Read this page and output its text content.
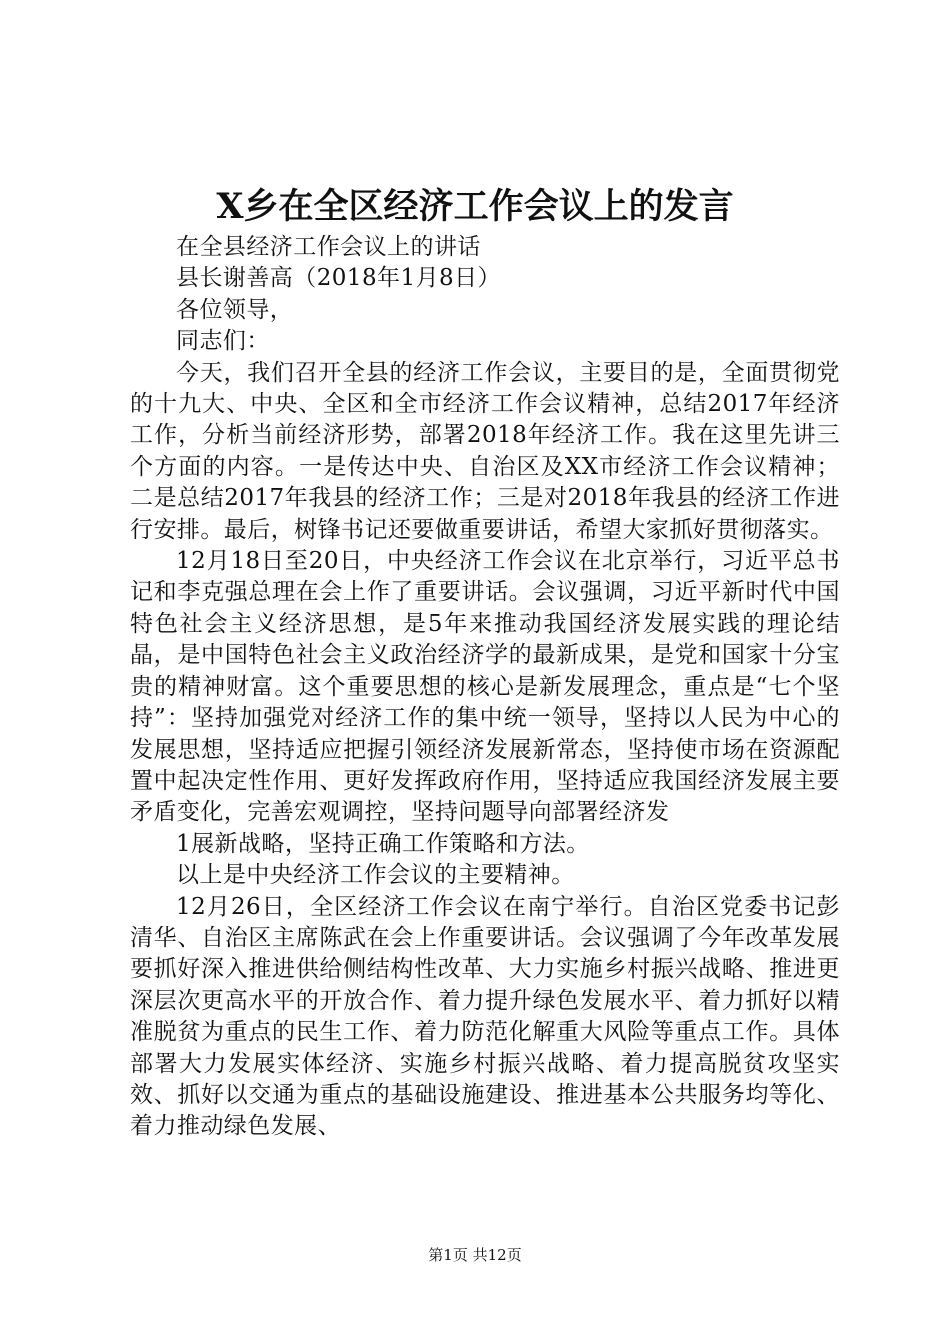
X乡在全区经济工作会议上的发言

在全县经济工作会议上的讲话

县长谢善高（2018年1月8日）

各位领导，

同志们：

今天，我们召开全县的经济工作会议，主要目的是，全面贯彻党的十九大、中央、全区和全市经济工作会议精神，总结2017年经济工作，分析当前经济形势，部署2018年经济工作。我在这里先讲三个方面的内容。一是传达中央、自治区及XX市经济工作会议精神；二是总结2017年我县的经济工作；三是对2018年我县的经济工作进行安排。最后，树锋书记还要做重要讲话，希望大家抓好贯彻落实。

12月18日至20日，中央经济工作会议在北京举行，习近平总书记和李克强总理在会上作了重要讲话。会议强调，习近平新时代中国特色社会主义经济思想，是5年来推动我国经济发展实践的理论结晶，是中国特色社会主义政治经济学的最新成果，是党和国家十分宝贵的精神财富。这个重要思想的核心是新发展理念，重点是“七个坚持”：坚持加强党对经济工作的集中统一领导，坚持以人民为中心的发展思想，坚持适应把握引领经济发展新常态，坚持使市场在资源配置中起决定性作用、更好发挥政府作用，坚持适应我国经济发展主要矛盾变化，完善宏观调控，坚持问题导向部署经济发

1展新战略，坚持正确工作策略和方法。

以上是中央经济工作会议的主要精神。

12月26日，全区经济工作会议在南宁举行。自治区党委书记彭清华、自治区主席陈武在会上作重要讲话。会议强调了今年改革发展要抓好深入推进供给侧结构性改革、大力实施乡村振兴战略、推进更深层次更高水平的开放合作、着力提升绿色发展水平、着力抓好以精准脱贫为重点的民生工作、着力防范化解重大风险等重点工作。具体部署大力发展实体经济、实施乡村振兴战略、着力提高脱贫攻坚实效、抓好以交通为重点的基础设施建设、推进基本公共服务均等化、着力推动绿色发展、

第1页 共12页
